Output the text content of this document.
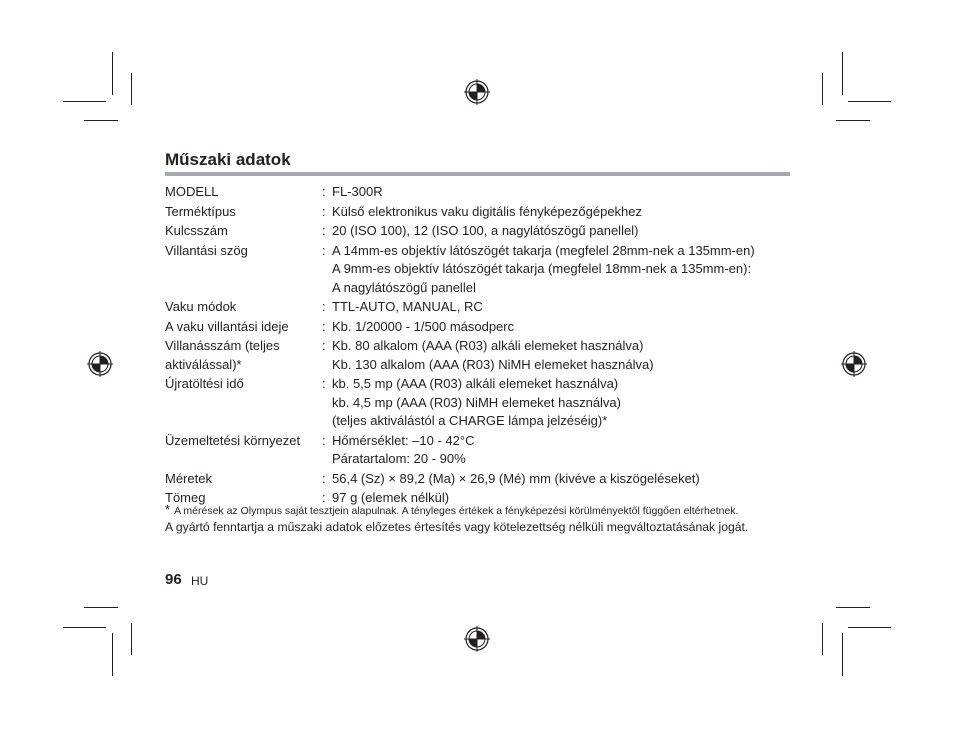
Műszaki adatok
MODELL	: FL-300R
Terméktípus	: Külső elektronikus vaku digitális fényképezőgépekhez
Kulcsszám	: 20 (ISO 100), 12 (ISO 100, a nagylátószögű panellel)
Villantási szög	: A 14mm-es objektív látószögét takarja (megfelel 28mm-nek a 135mm-en)
A 9mm-es objektív látószögét takarja (megfelel 18mm-nek a 135mm-en):
A nagylátószögű panellel
Vaku módok	: TTL-AUTO, MANUAL, RC
A vaku villantási ideje	: Kb. 1/20000 - 1/500 másodperc
Villanásszám (teljes
aktiválással)*
: Kb. 80 alkalom (AAA (R03) alkáli elemeket használva)
Kb. 130 alkalom (AAA (R03) NiMH elemeket használva)
Újratöltési idő	: kb. 5,5 mp (AAA (R03) alkáli elemeket használva)
kb. 4,5 mp (AAA (R03) NiMH elemeket használva)
(teljes aktiválástól a CHARGE lámpa jelzéséig)*
Üzemeltetési környezet	: Hőmérséklet: –10 - 42°C
Páratartalom: 20 - 90%
Méretek	: 56,4 (Sz) × 89,2 (Ma) × 26,9 (Mé) mm (kivéve a kiszögeléseket)
Tömeg	: 97 g (elemek nélkül)
* A mérések az Olympus saját tesztjein alapulnak. A tényleges értékek a fényképezési körülményektől függően eltérhetnek.
A gyártó fenntartja a műszaki adatok előzetes értesítés vagy kötelezettség nélküli megváltoztatásának jogát.
96 HU
